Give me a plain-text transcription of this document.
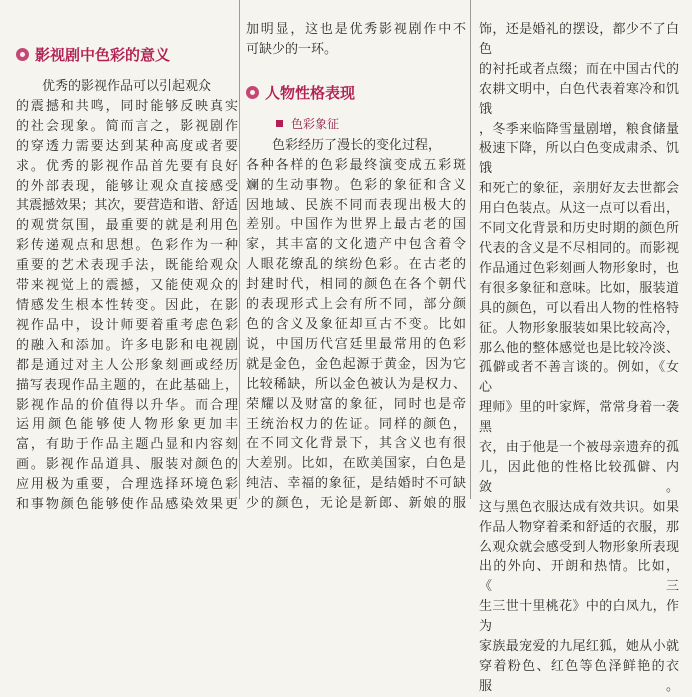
影视剧中色彩的意义

优秀的影视作品可以引起观众

的震撼和共鸣，同时能够反映真实

的社会现象。简而言之，影视剧作

的穿透力需要达到某种高度或者要

求。优秀的影视作品首先要有良好

的外部表现，能够让观众直接感受

其震撼效果；其次，要营造和谐、舒适

的观赏氛围，最重要的就是利用色

彩传递观点和思想。色彩作为一种

重要的艺术表现手法，既能给观众

带来视觉上的震撼，又能使观众的

情感发生根本性转变。因此，在影

视作品中，设计师要着重考虑色彩

的融入和添加。许多电影和电视剧

都是通过对主人公形象刻画或经历

描写表现作品主题的，在此基础上，

影视作品的价值得以升华。而合理

运用颜色能够使人物形象更加丰

富，有助于作品主题凸显和内容刻

画。影视作品道具、服装对颜色的

应用极为重要，合理选择环境色彩

和事物颜色能够使作品感染效果更

加明显，这也是优秀影视剧作中不

可缺少的一环。

人物性格表现
色彩象征

色彩经历了漫长的变化过程，

各种各样的色彩最终演变成五彩斑

斓的生动事物。色彩的象征和含义

因地域、民族不同而表现出极大的

差别。中国作为世界上最古老的国

家，其丰富的文化遗产中包含着令

人眼花缭乱的缤纷色彩。在古老的

封建时代，相同的颜色在各个朝代

的表现形式上会有所不同，部分颜

色的含义及象征却亘古不变。比如

说，中国历代宫廷里最常用的色彩

就是金色，金色起源于黄金，因为它

比较稀缺，所以金色被认为是权力、

荣耀以及财富的象征，同时也是帝

王统治权力的佐证。同样的颜色，

在不同文化背景下，其含义也有很

大差别。比如，在欧美国家，白色是

纯洁、幸福的象征，是结婚时不可缺

少的颜色，无论是新郎、新娘的服

饰，还是婚礼的摆设，都少不了白色

的衬托或者点缀；而在中国古代的

农耕文明中，白色代表着寒冷和饥饿

，冬季来临降雪量剧增，粮食储量

极速下降，所以白色变成肃杀、饥饿

和死亡的象征，亲朋好友去世都会

用白色装点。从这一点可以看出，

不同文化背景和历史时期的颜色所

代表的含义是不尽相同的。而影视

作品通过色彩刻画人物形象时，也

有很多象征和意味。比如，服装道

具的颜色，可以看出人物的性格特

征。人物形象服装如果比较高冷，

那么他的整体感觉也是比较冷淡、

孤僻或者不善言谈的。例如，《女心

理师》里的叶家辉，常常身着一袭黑

衣，由于他是一个被母亲遗弃的孤

儿，因此他的性格比较孤僻、内敛。

这与黑色衣服达成有效共识。如果

作品人物穿着柔和舒适的衣服，那

么观众就会感受到人物形象所表现

出的外向、开朗和热情。比如，《三

生三世十里桃花》中的白凤九，作为

家族最宠爱的九尾红狐，她从小就

穿着粉色、红色等色泽鲜艳的衣服。
